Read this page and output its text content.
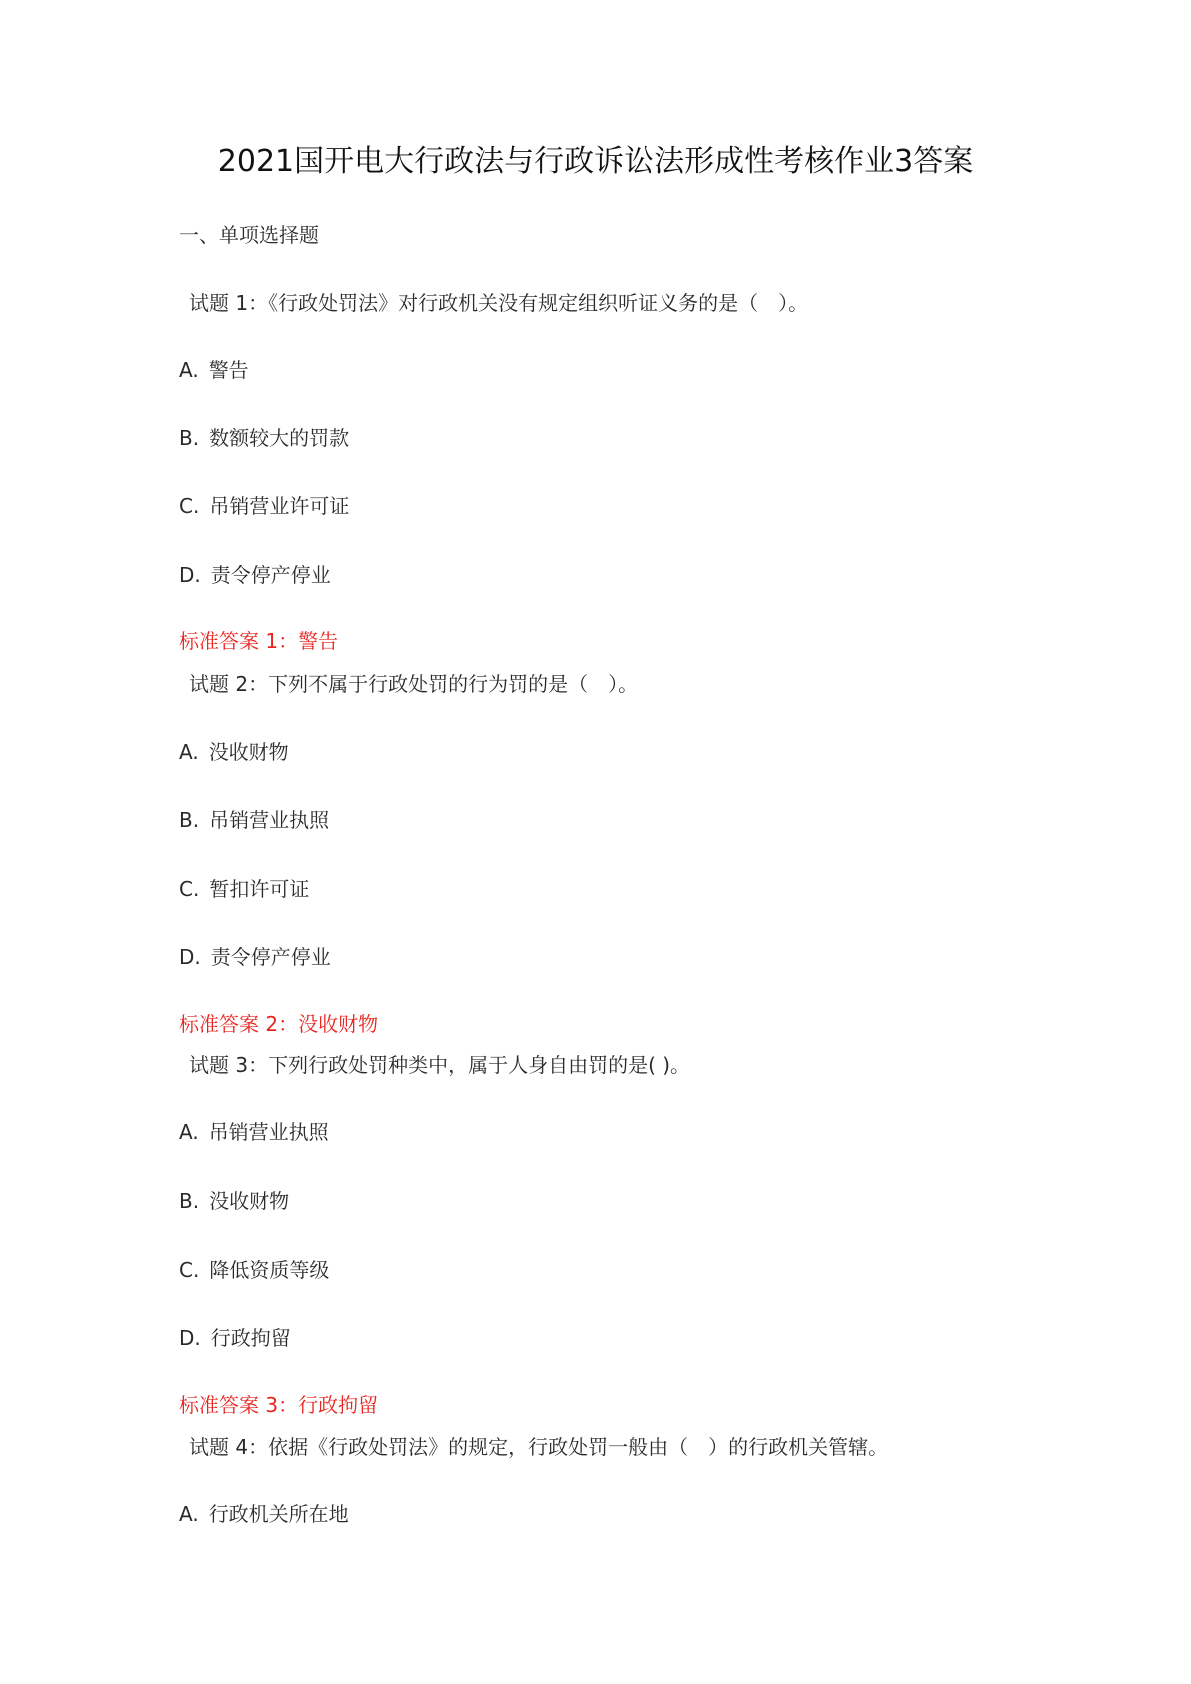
2021国开电大行政法与行政诉讼法形成性考核作业3答案
一、单项选择题
试题 1：《行政处罚法》对行政机关没有规定组织听证义务的是（　）。
A. 警告
B. 数额较大的罚款
C. 吊销营业许可证
D. 责令停产停业
标准答案 1：警告
试题 2：下列不属于行政处罚的行为罚的是（　）。
A. 没收财物
B. 吊销营业执照
C. 暂扣许可证
D. 责令停产停业
标准答案 2：没收财物
试题 3：下列行政处罚种类中，属于人身自由罚的是( )。
A. 吊销营业执照
B. 没收财物
C. 降低资质等级
D. 行政拘留
标准答案 3：行政拘留
试题 4：依据《行政处罚法》的规定，行政处罚一般由（　）的行政机关管辖。
A. 行政机关所在地
